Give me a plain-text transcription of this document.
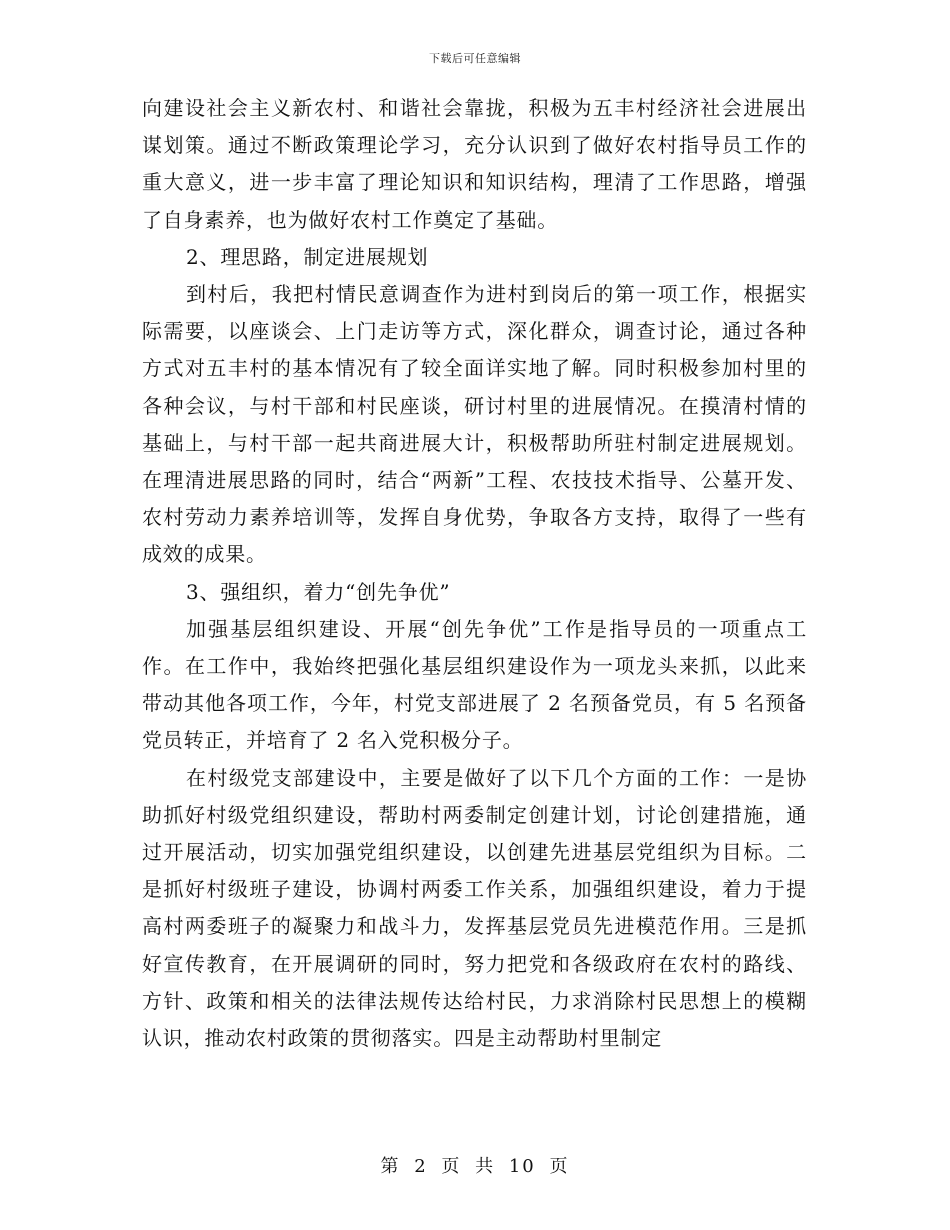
下载后可任意编辑

向建设社会主义新农村、和谐社会靠拢，积极为五丰村经济社会进展出谋划策。通过不断政策理论学习，充分认识到了做好农村指导员工作的重大意义，进一步丰富了理论知识和知识结构，理清了工作思路，增强了自身素养，也为做好农村工作奠定了基础。

2、理思路，制定进展规划

到村后，我把村情民意调查作为进村到岗后的第一项工作，根据实际需要，以座谈会、上门走访等方式，深化群众，调查讨论，通过各种方式对五丰村的基本情况有了较全面详实地了解。同时积极参加村里的各种会议，与村干部和村民座谈，研讨村里的进展情况。在摸清村情的基础上，与村干部一起共商进展大计，积极帮助所驻村制定进展规划。在理清进展思路的同时，结合“两新”工程、农技技术指导、公墓开发、农村劳动力素养培训等，发挥自身优势，争取各方支持，取得了一些有成效的成果。

3、强组织，着力“创先争优”

加强基层组织建设、开展“创先争优”工作是指导员的一项重点工作。在工作中，我始终把强化基层组织建设作为一项龙头来抓，以此来带动其他各项工作，今年，村党支部进展了 2 名预备党员，有 5 名预备党员转正，并培育了 2 名入党积极分子。

在村级党支部建设中，主要是做好了以下几个方面的工作：一是协助抓好村级党组织建设，帮助村两委制定创建计划，讨论创建措施，通过开展活动，切实加强党组织建设，以创建先进基层党组织为目标。二是抓好村级班子建设，协调村两委工作关系，加强组织建设，着力于提高村两委班子的凝聚力和战斗力，发挥基层党员先进模范作用。三是抓好宣传教育，在开展调研的同时，努力把党和各级政府在农村的路线、方针、政策和相关的法律法规传达给村民，力求消除村民思想上的模糊认识，推动农村政策的贯彻落实。四是主动帮助村里制定

第 2 页 共 10 页
